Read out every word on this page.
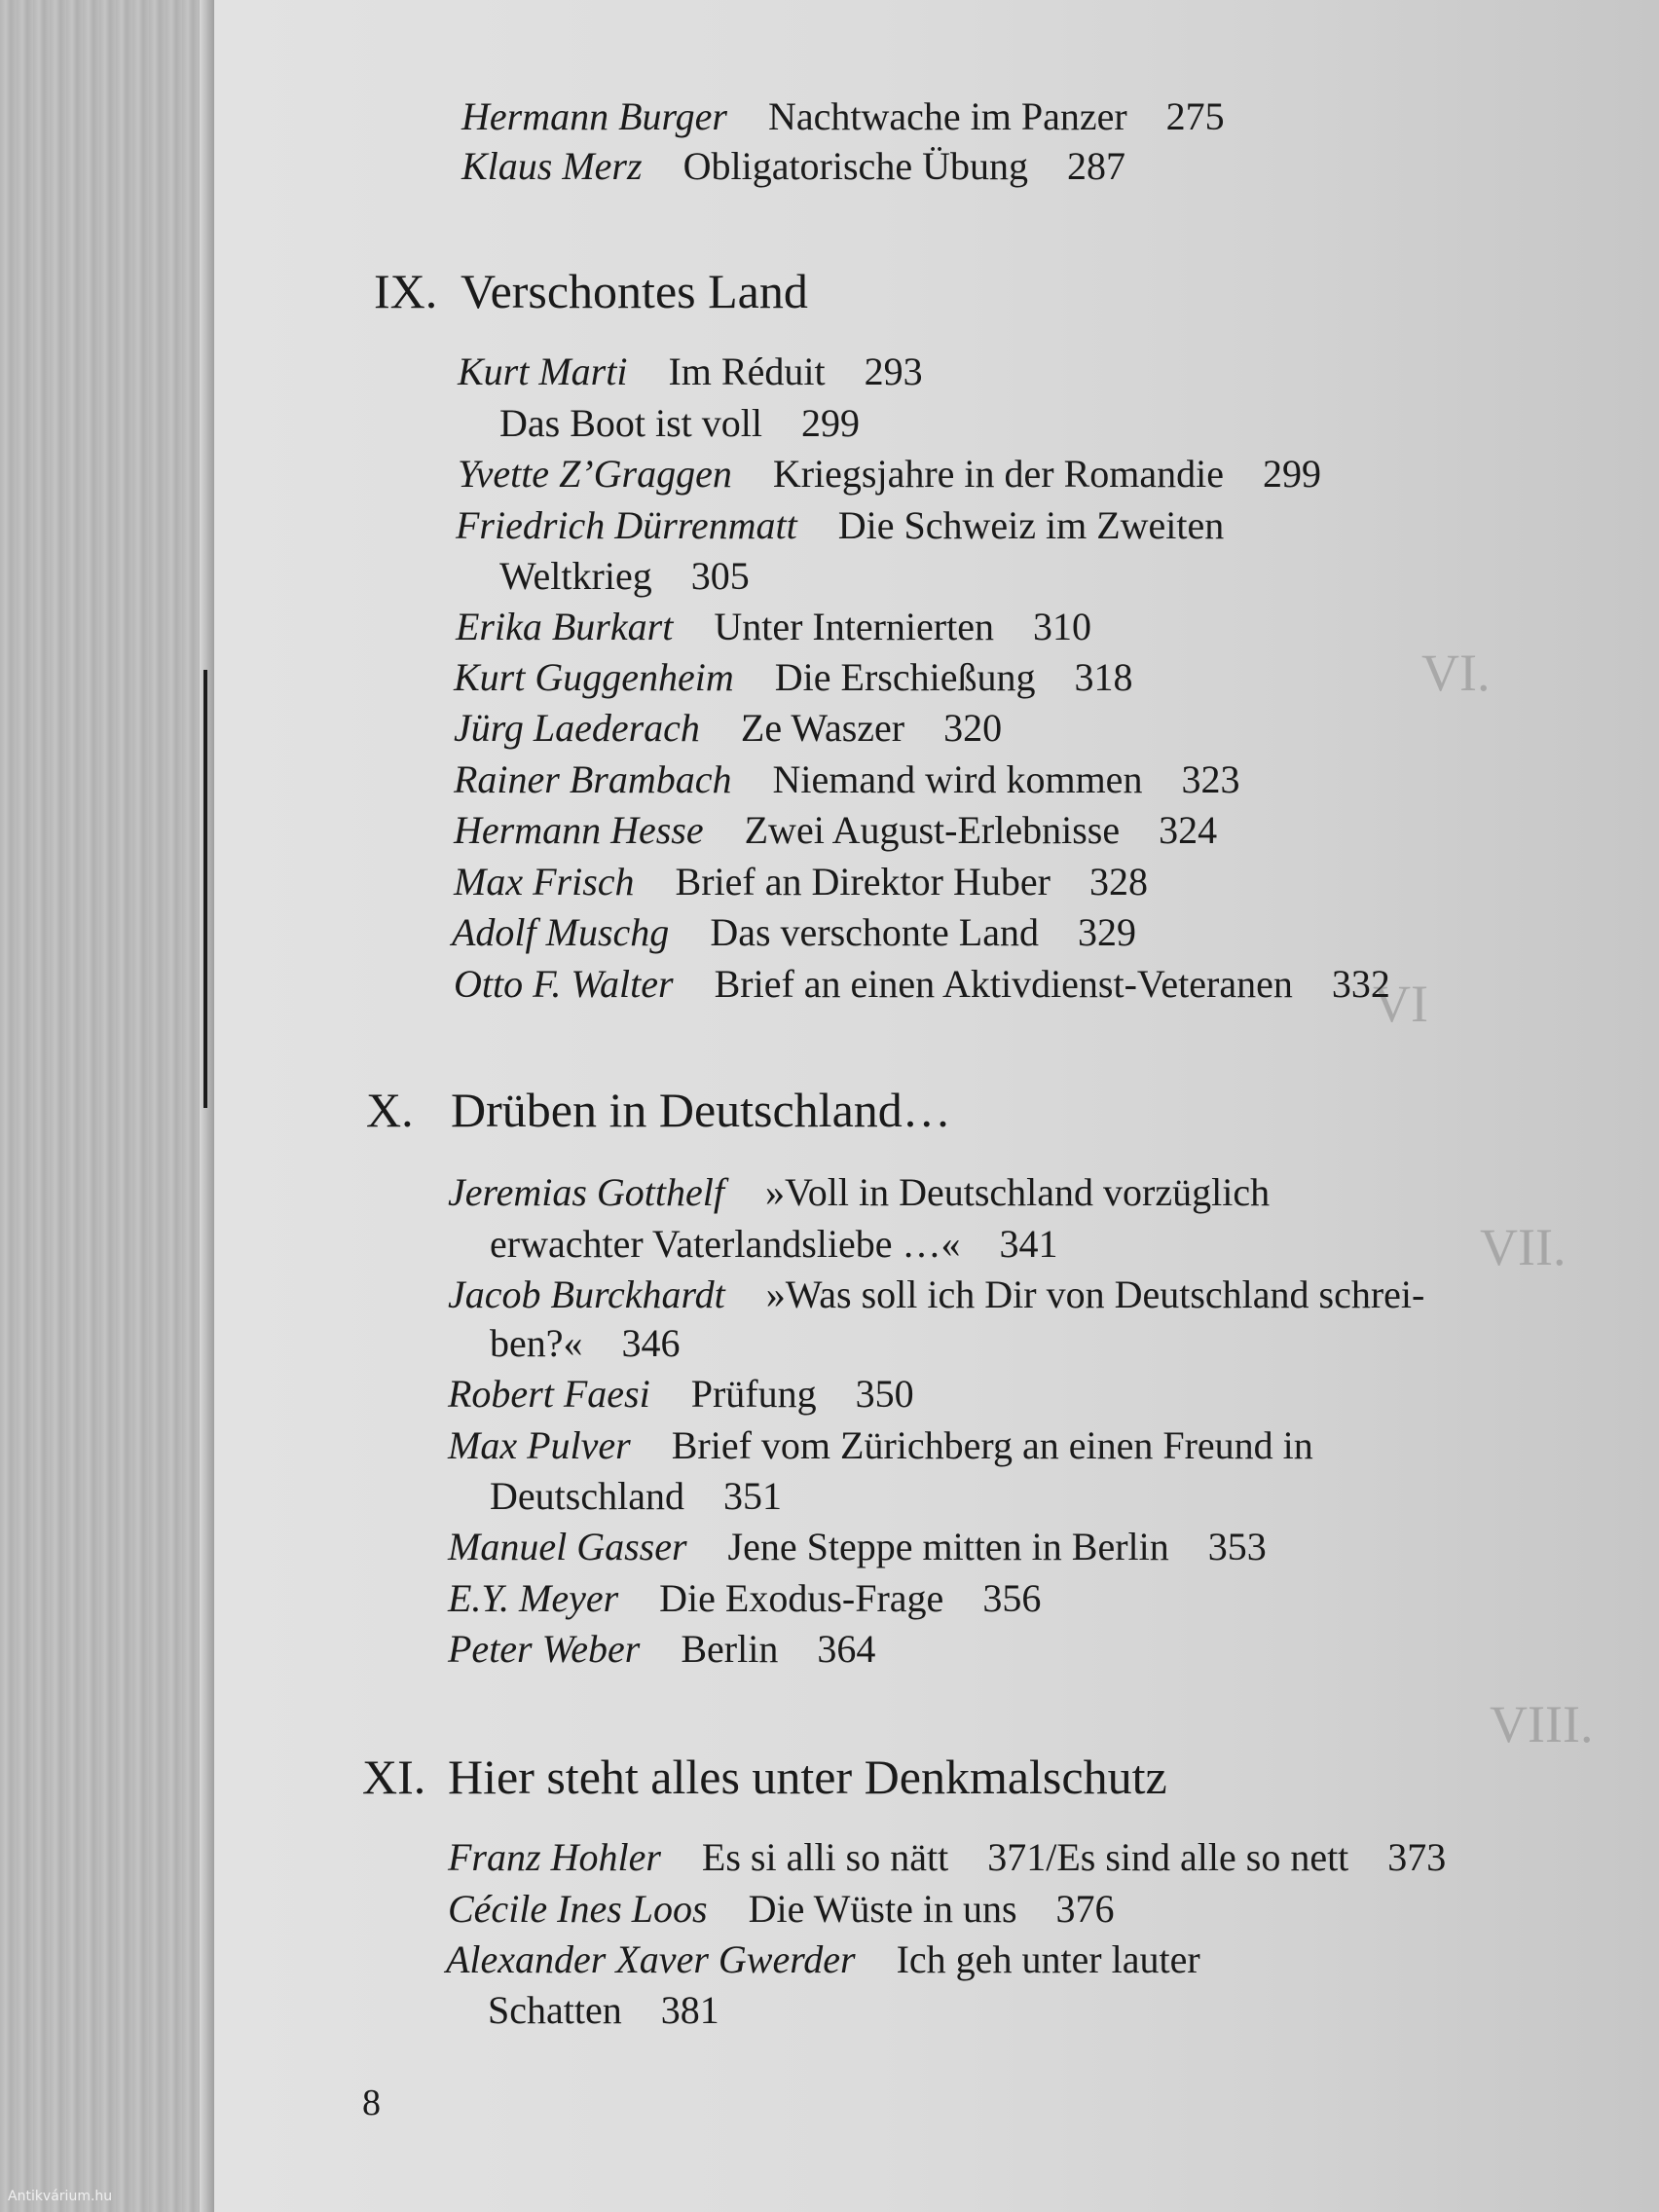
VI.
VI
VII.
VIII.
Hermann Burger Nachtwache im Panzer 275
Klaus Merz Obligatorische Übung 287
IX. Verschontes Land
Kurt Marti Im Réduit 293
Das Boot ist voll 299
Yvette Z’Graggen Kriegsjahre in der Romandie 299
Friedrich Dürrenmatt Die Schweiz im Zweiten
Weltkrieg 305
Erika Burkart Unter Internierten 310
Kurt Guggenheim Die Erschießung 318
Jürg Laederach Ze Waszer 320
Rainer Brambach Niemand wird kommen 323
Hermann Hesse Zwei August-Erlebnisse 324
Max Frisch Brief an Direktor Huber 328
Adolf Muschg Das verschonte Land 329
Otto F. Walter Brief an einen Aktivdienst-Veteranen 332
X. Drüben in Deutschland…
Jeremias Gotthelf »Voll in Deutschland vorzüglich
erwachter Vaterlandsliebe …« 341
Jacob Burckhardt »Was soll ich Dir von Deutschland schrei-
ben?« 346
Robert Faesi Prüfung 350
Max Pulver Brief vom Zürichberg an einen Freund in
Deutschland 351
Manuel Gasser Jene Steppe mitten in Berlin 353
E.Y. Meyer Die Exodus-Frage 356
Peter Weber Berlin 364
XI. Hier steht alles unter Denkmalschutz
Franz Hohler Es si alli so nätt 371/Es sind alle so nett 373
Cécile Ines Loos Die Wüste in uns 376
Alexander Xaver Gwerder Ich geh unter lauter
Schatten 381
8
Antikvárium.hu
